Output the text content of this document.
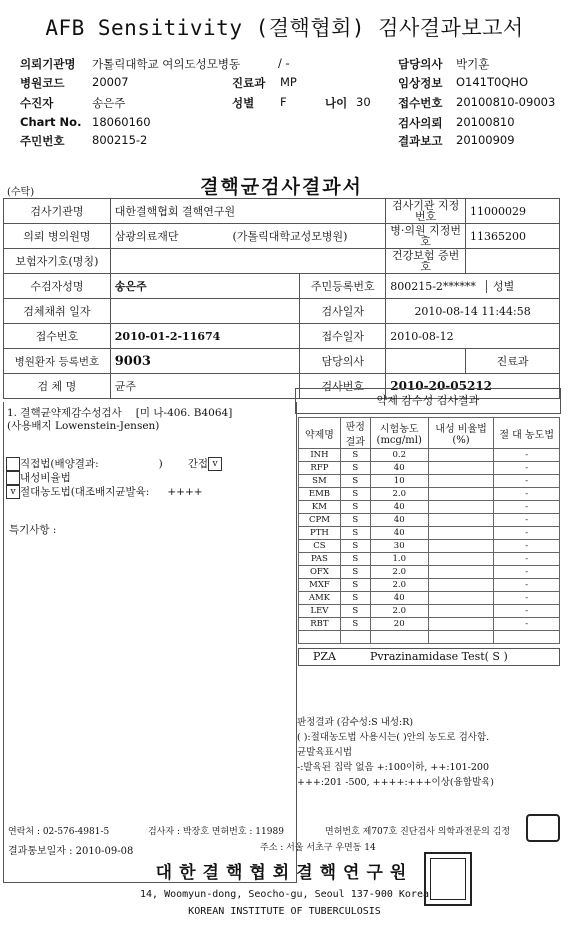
AFB Sensitivity (결핵협회) 검사결과보고서
의뢰기관명 가톨릭대학교 여의도성모병동	/ -	담당의사 박기훈
병원코드 20007	진료과 MP	임상정보 O141T0QHO
수진자	송은주	성별 F	나이 30 접수번호 20100810-09003
Chart No. 18060160	검사의뢰 20100810
주민번호 800215-2	결과보고 20100909
(수탁)	결핵균검사결과서
검사기관명	대한결핵협회 결핵연구원		검사기관 지정번호	11000029
의뢰 병의원명	삼광의료재단 (가톨릭대학교성모병원)		병·의원 지정번호	11365200
보험자기호(명칭)			건강보험 증번호	
수검자성명	송은주	주민등록번호	800215-2****** 성별	
검체채취 일자		검사일자	2010-08-14 11:44:58	
접수번호	2010-01-2-11674	접수일자	2010-08-12	
병원환자 등록번호	9003	담당의사		진료과
검 체 명	균주	검사번호	2010-20-05212	
1. 결핵균약제감수성검사 [미 나-406. B4064]
(사용배지 Lowenstein-Jensen)
직접법(배양결과:	) 간접 v
내성비율법
v 절대농도법(대조배지균발육: ++++
특기사항 :
약제 감수성 검사결과
약제명	판정 결과	시험농도 (mcg/ml)	내성 비율법(%)	절 대 농도법
INH	S	0.2		-
RFP	S	40		-
SM	S	10		-
EMB	S	2.0		-
KM	S	40		-
CPM	S	40		-
PTH	S	40		-
CS	S	30		-
PAS	S	1.0		-
OFX	S	2.0		-
MXF	S	2.0		-
AMK	S	40		-
LEV	S	2.0		-
RBT	S	20		-

PZA	Pvrazinamidase Test( S )
판정결과 (감수성:S 내성:R)
( ):절대농도법 사용시는( )안의 농도로 검사함.
균발육표시법
-:발육된 집락 없음 +:100이하, ++:101-200
+++:201 -500, ++++:+++이상(융합발육)
연락처 : 02-576-4981-5	검사자 : 박장호 면허번호 : 11989	면허번호 제707호 진단검사 의학과전문의 김정
결과통보일자 : 2010-09-08	주소 : 서울 서초구 우면동 14
대한결핵협회결핵연구원
14, Woomyun-dong, Seocho-gu, Seoul 137-900 Korea
KOREAN INSTITUTE OF TUBERCULOSIS
